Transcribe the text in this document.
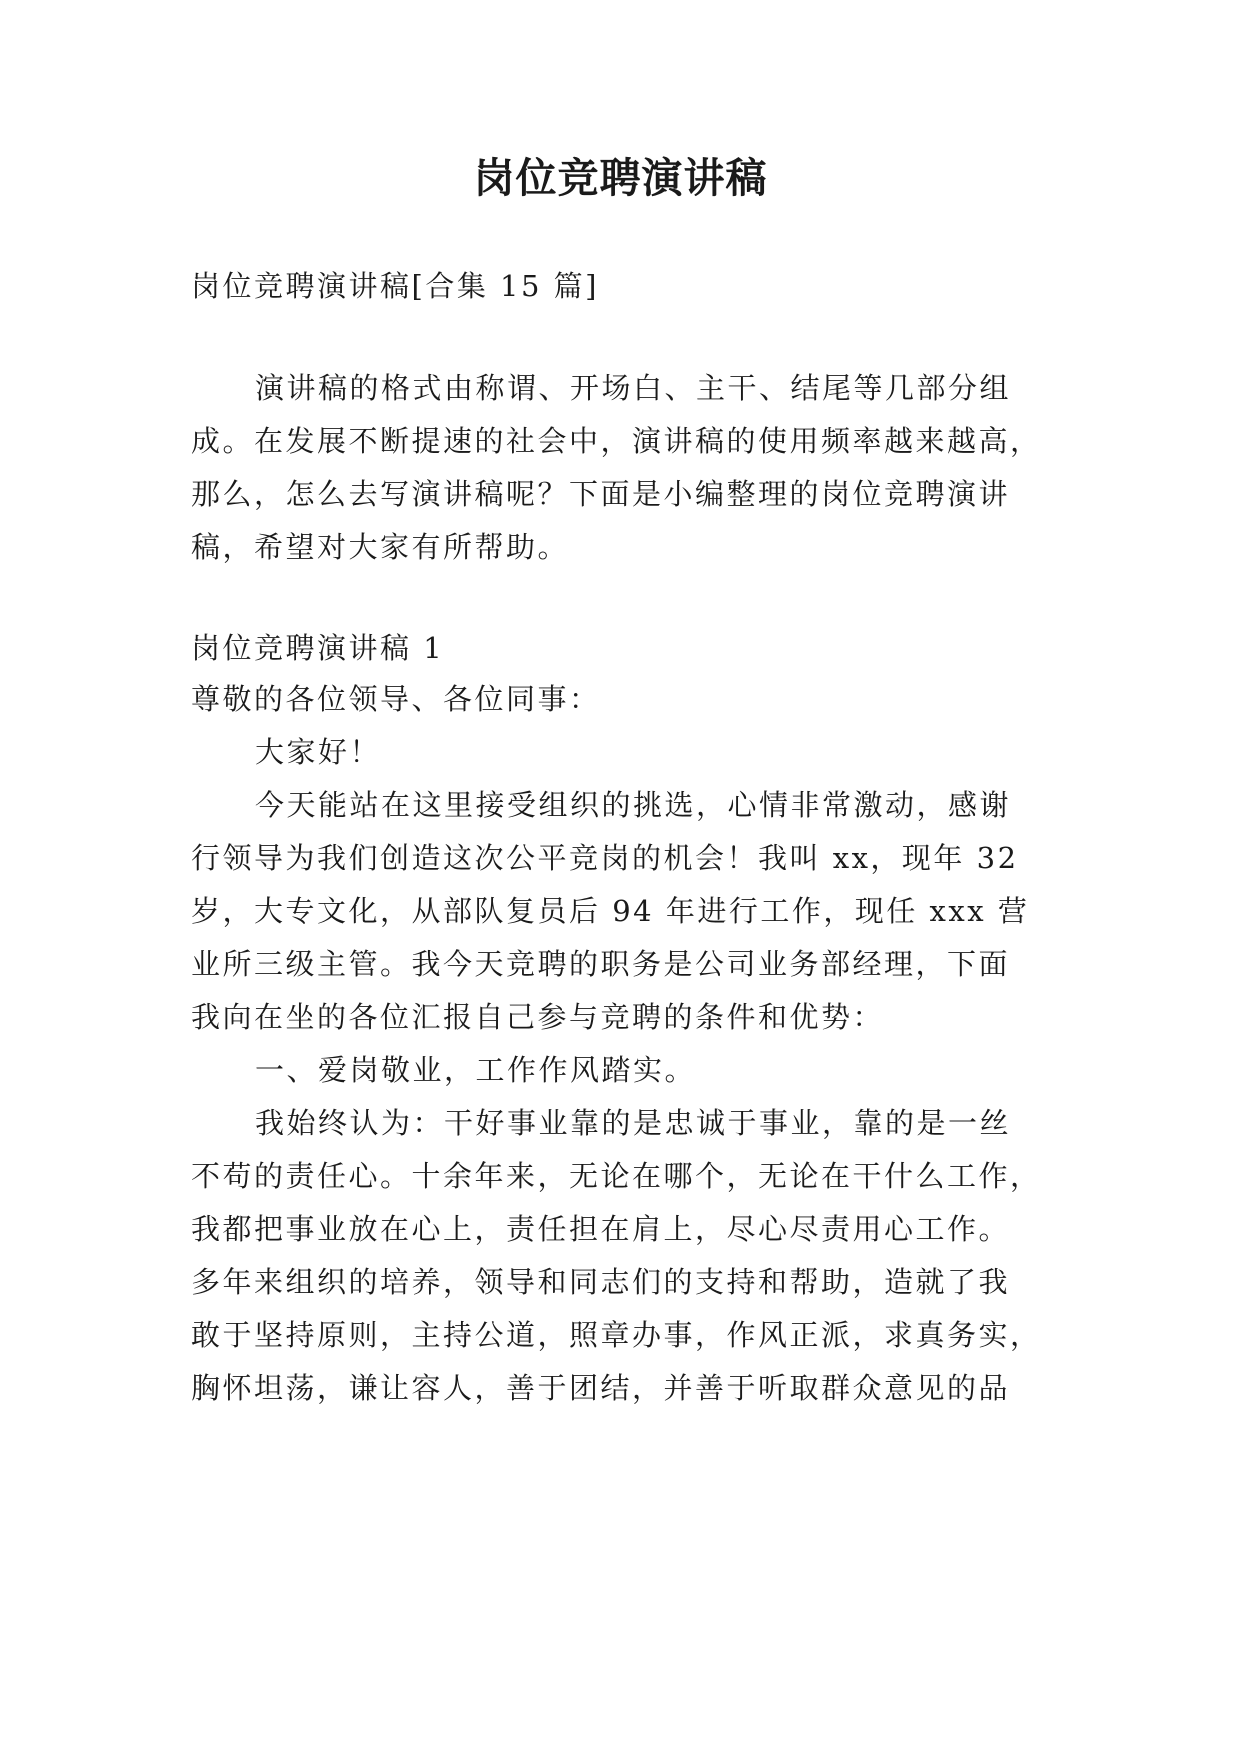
岗位竞聘演讲稿

岗位竞聘演讲稿[合集 15 篇]

演讲稿的格式由称谓、开场白、主干、结尾等几部分组

成。在发展不断提速的社会中，演讲稿的使用频率越来越高，

那么，怎么去写演讲稿呢？下面是小编整理的岗位竞聘演讲

稿，希望对大家有所帮助。

岗位竞聘演讲稿 1

尊敬的各位领导、各位同事：

大家好！

今天能站在这里接受组织的挑选，心情非常激动，感谢

行领导为我们创造这次公平竞岗的机会！我叫 xx，现年 32

岁，大专文化，从部队复员后 94 年进行工作，现任 xxx 营

业所三级主管。我今天竞聘的职务是公司业务部经理，下面

我向在坐的各位汇报自己参与竞聘的条件和优势：

一、爱岗敬业，工作作风踏实。

我始终认为：干好事业靠的是忠诚于事业，靠的是一丝

不苟的责任心。十余年来，无论在哪个，无论在干什么工作，

我都把事业放在心上，责任担在肩上，尽心尽责用心工作。

多年来组织的培养，领导和同志们的支持和帮助，造就了我

敢于坚持原则，主持公道，照章办事，作风正派，求真务实，

胸怀坦荡，谦让容人，善于团结，并善于听取群众意见的品
